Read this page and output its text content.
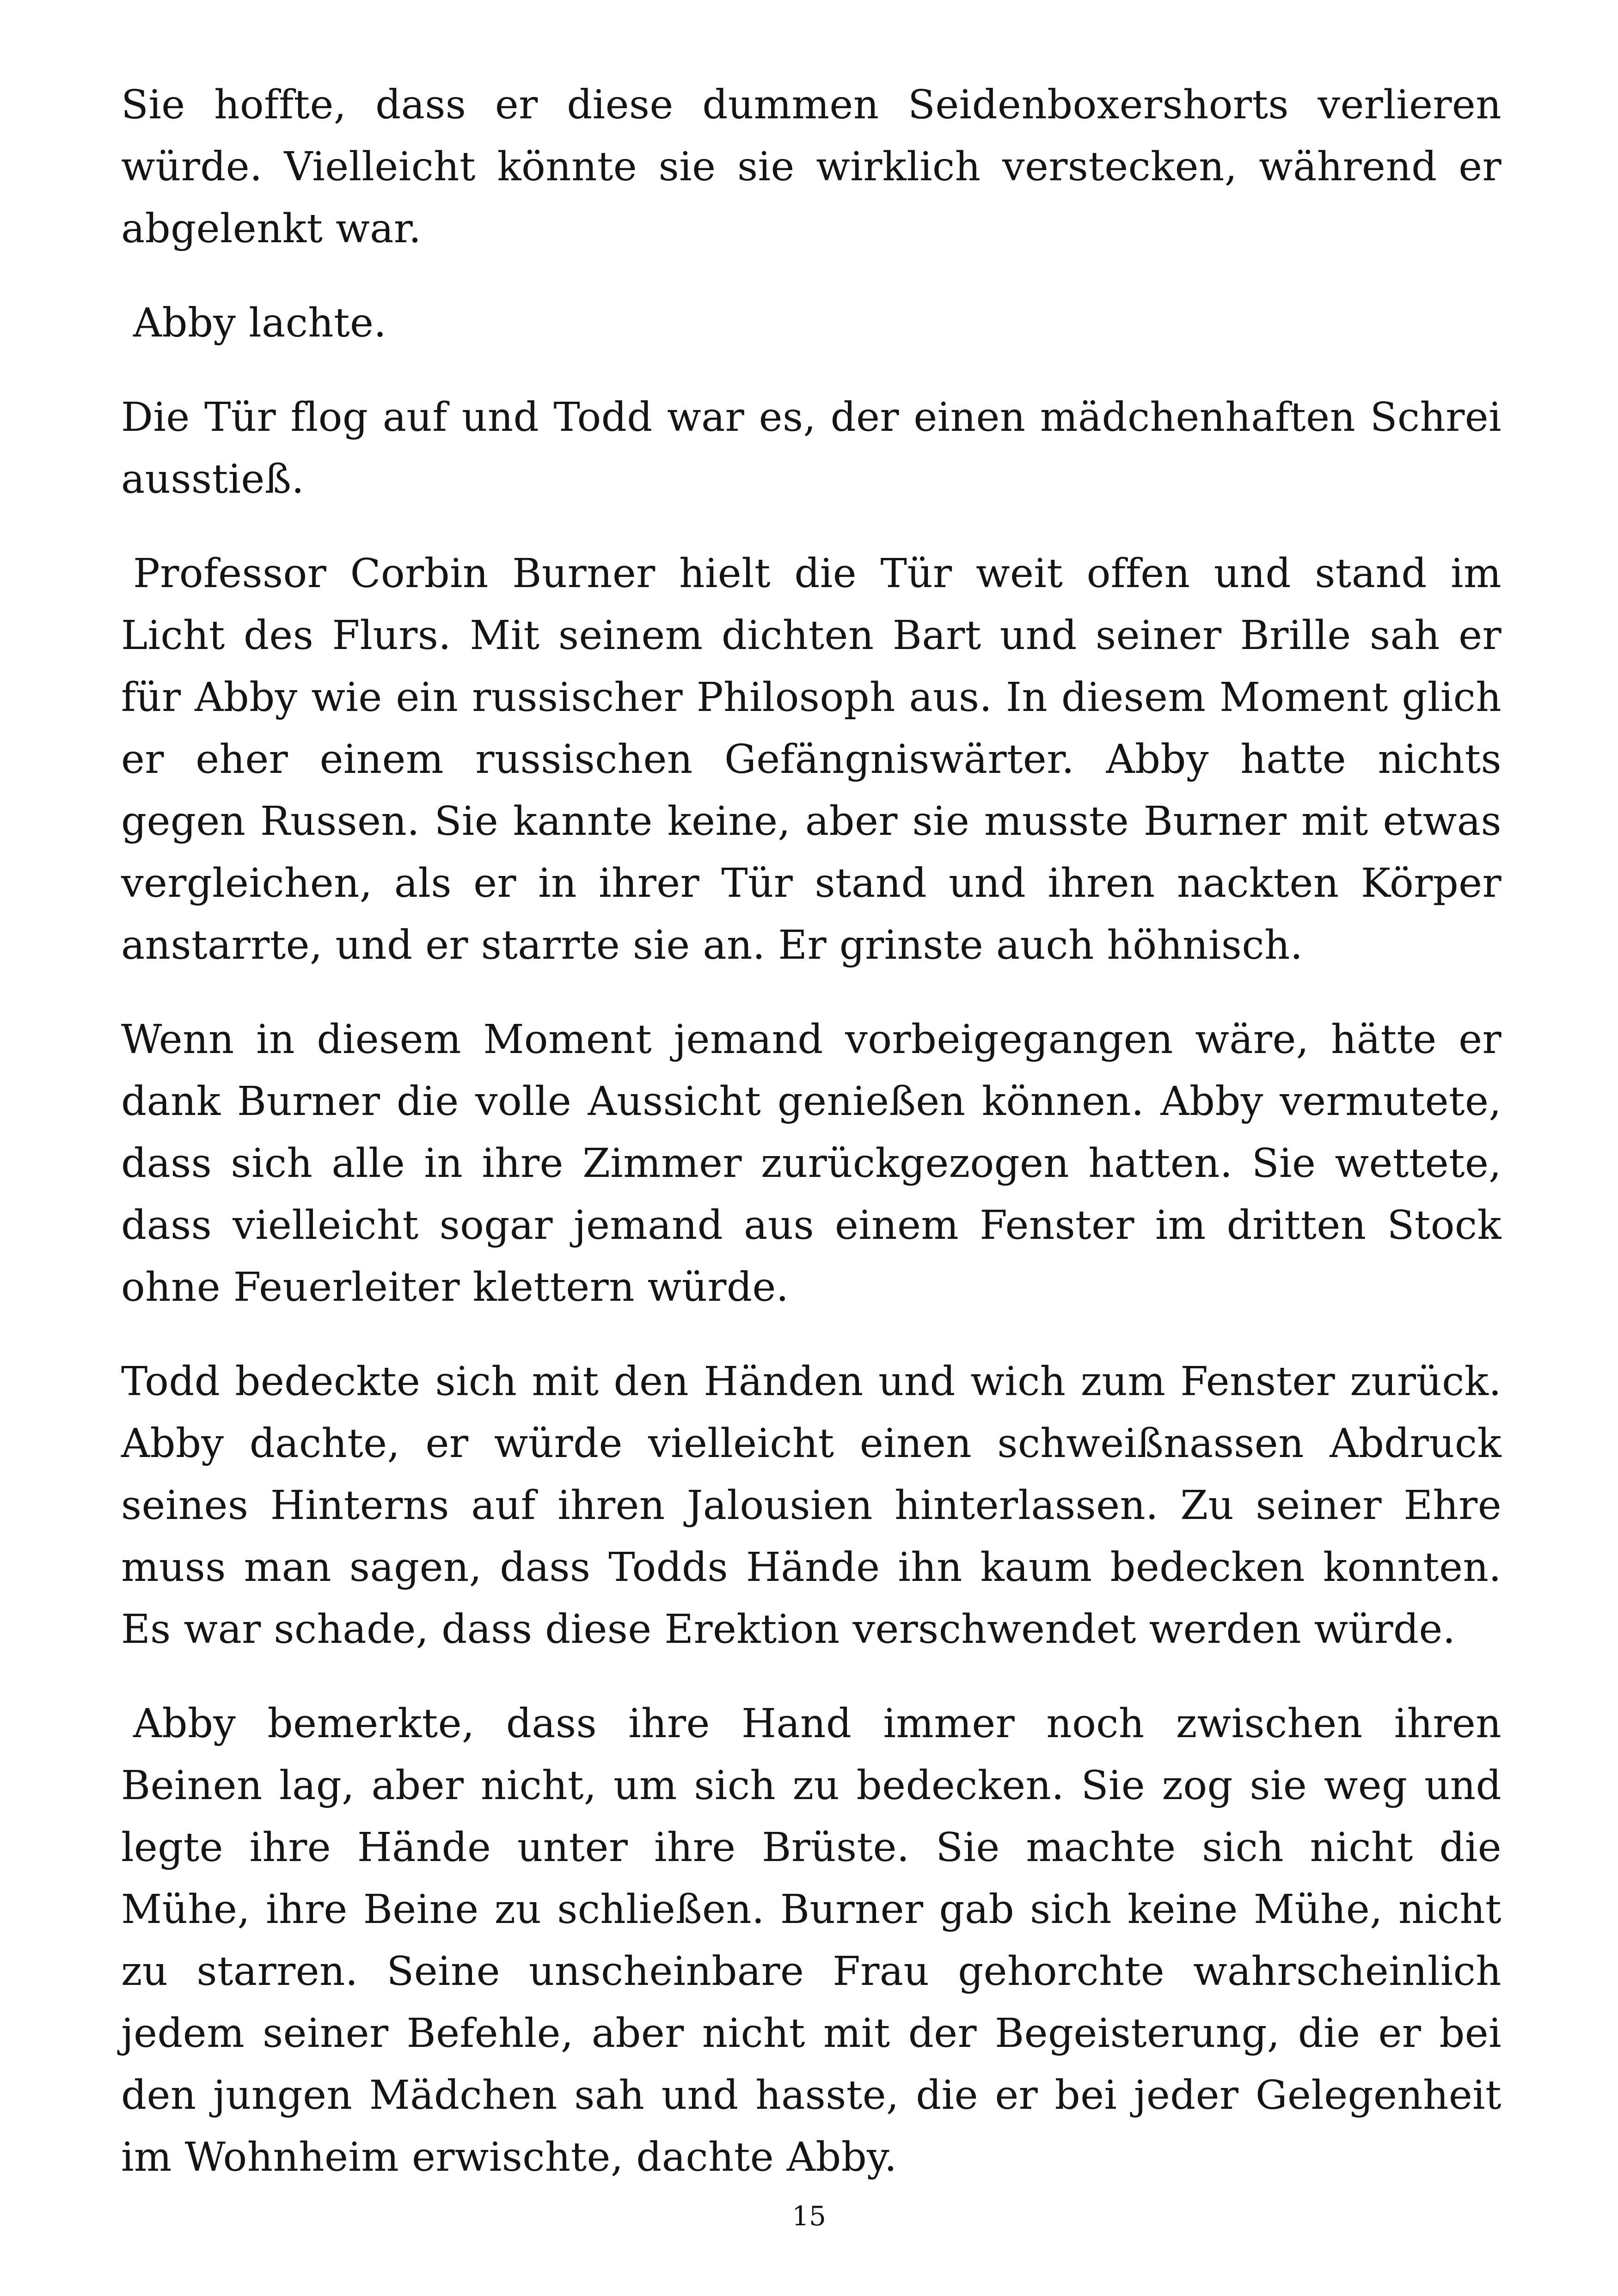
Sie hoffte, dass er diese dummen Seidenboxershorts verlieren würde. Vielleicht könnte sie sie wirklich verstecken, während er abgelenkt war.

Abby lachte.

Die Tür flog auf und Todd war es, der einen mädchenhaften Schrei ausstieß.

Professor Corbin Burner hielt die Tür weit offen und stand im Licht des Flurs. Mit seinem dichten Bart und seiner Brille sah er für Abby wie ein russischer Philosoph aus. In diesem Moment glich er eher einem russischen Gefängniswärter. Abby hatte nichts gegen Russen. Sie kannte keine, aber sie musste Burner mit etwas vergleichen, als er in ihrer Tür stand und ihren nackten Körper anstarrte, und er starrte sie an. Er grinste auch höhnisch.

Wenn in diesem Moment jemand vorbeigegangen wäre, hätte er dank Burner die volle Aussicht genießen können. Abby vermutete, dass sich alle in ihre Zimmer zurückgezogen hatten. Sie wettete, dass vielleicht sogar jemand aus einem Fenster im dritten Stock ohne Feuerleiter klettern würde.

Todd bedeckte sich mit den Händen und wich zum Fenster zurück. Abby dachte, er würde vielleicht einen schweißnassen Abdruck seines Hinterns auf ihren Jalousien hinterlassen. Zu seiner Ehre muss man sagen, dass Todds Hände ihn kaum bedecken konnten. Es war schade, dass diese Erektion verschwendet werden würde.

Abby bemerkte, dass ihre Hand immer noch zwischen ihren Beinen lag, aber nicht, um sich zu bedecken. Sie zog sie weg und legte ihre Hände unter ihre Brüste. Sie machte sich nicht die Mühe, ihre Beine zu schließen. Burner gab sich keine Mühe, nicht zu starren. Seine unscheinbare Frau gehorchte wahrscheinlich jedem seiner Befehle, aber nicht mit der Begeisterung, die er bei den jungen Mädchen sah und hasste, die er bei jeder Gelegenheit im Wohnheim erwischte, dachte Abby.

15
